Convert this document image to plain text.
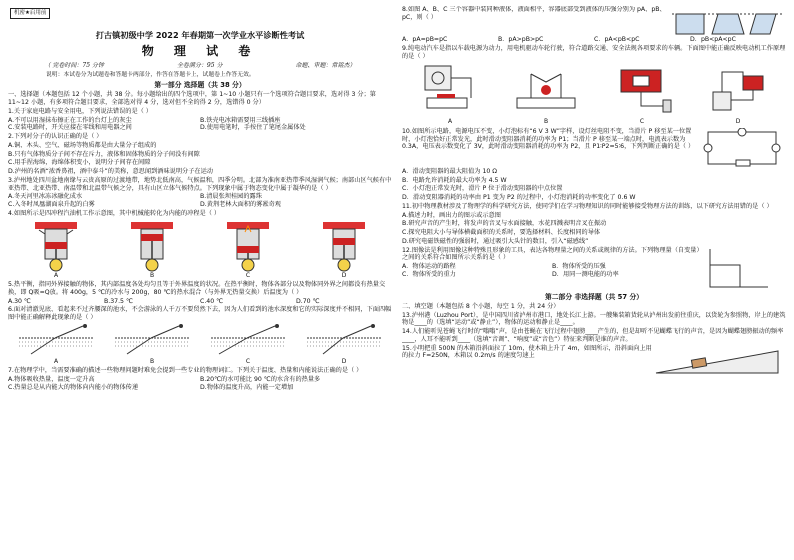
机密★启用前
打古镇初级中学 2022 年春期第一次学业水平诊断性考试
物 理 试 卷
（ 完卷时间：75 分钟	全卷满分：95 分	命题、审题：常铭杰）
说明：本试卷分为试题卷和答题卡两部分，作答在答题卡上，试题卷上作答无效。
第一部分 选择题（共 38 分）

一、选择题（本题包括 12 个小题，共 38 分。每小题给出的四个选项中，第 1~10 小题只有一个选项符合题目要求，选对得 3 分；第 11~12 小题，有多项符合题目要求，全部选对得 4 分，选对但不全的得 2 分，选错得 0 分）

1.关于家庭电路与安全用电，下列说法错误的是（ ）

A.不可以用湿抹布擦正在工作的台灯上的灰尘	B.铁壳电冰箱需要用三线插座
C.安装电路时，开关应接在零线和用电器之间	D.使用电笔时，手按住了笔尾金属体处

2.下列对分子的认识正确的是（ ）

A.铜、木头、空气、磁场等物质都是由大量分子组成的

B.只有气体物质分子间不存在斥力，液体和固体物质的分子间没有间隙

C.用手捏海绵，海绵体积变小，说明分子间存在间隙

D.泸州的名酒“浓香鼻祖，酒中泰斗”的美称，意思闻到酒味说明分子在运动

3.泸州地处四川盆地南缘与云贵高原的过渡地带，地势北低南高，气候温和，四季分明。北部为准南亚热带季风湿润气候；南部山区气候有中亚热带、北亚热带、南温带和北温带气候之分，具有山区立体气候特点。下列现象中属于物态变化中属于凝华的是（ ）

A.冬天河里冰冻冰融化成水	B.清晨张坝桂园的露珠
C.入冬时凤凰湖面泉升起的白雾	D.黄荆老林大面积的雾凇奇观

4.如图所示是四冲程汽油机工作示意图，其中机械能转化为内能的冲程是（ ）

A	B	C	D

5.热平衡，指同外界接触的物体，其内部温度各处均匀且等于外界温度的状况。在热平衡时，物体各部分以及物体同外界之间都没有热量交换，即 Q吸=Q放。将 400g，5 ℃的冷水与 200g，80 ℃的热水混合（与外界无热量交换）后温度为（ ）

A.30 ℃	B.37.5 ℃	C.40 ℃	D.70 ℃

6.面对清澈见底、看起来不过齐腰深的池水，不会游泳的人千万不要贸然下去，因为人们看到的池水深度和它的实际深度并不相同，下面四幅图中能正确解释此现象的是（ ）

A	B	C	D

7.在物理学中，当需要准确的描述一些物理问题时难免会提到一些专业的物理词汇。下列关于温度、热量和内能说法正确的是（ ）

A.物体吸收热量，温度一定升高	B.20℃的水可能比 90 ℃的水含有的热量多
C.热量总是从内能大的物体向内能小的物体传递	D.物体的温度升高，内能一定增加

8.如图 A、B、C 三个容器中装同种液体，液面相平，容器底部受到液体的压强分别为 pA、pB、pC，则（ ）

A．pA=pB=pC	B．pA>pB>pC	C．pA<pB<pC	D．pB<pA<pC

9.纯电动汽车是指以车载电源为动力，用电机驱动车轮行驶，符合道路交通、安全法规各项要求的车辆。下面图中能正确反映电动机工作原理的是（ ）

A	B	C	D

10.如图所示电路，电源电压不变，小灯泡标有“6 V 3 W”字样，设灯丝电阻不变，当滑片 P 移至某一位置时，小灯泡恰好正常发光，此时滑动变阻器消耗的功率为 P1；当滑片 P 移至某一端点时，电流表示数为 0.3A，电压表示数变化了 3V，此时滑动变阻器消耗的功率为 P2，且 P1∶P2=5∶6，下列判断正确的是（ ）

A．滑动变阻器的最大阻值为 10 Ω

B．电路允许消耗的最大功率为 4.5 W

C．小灯泡正常发光时，滑片 P 位于滑动变阻器的中点位置

D．滑动变阻器消耗的功率由 P1 变为 P2 的过程中，小灯泡消耗的功率变化了 0.6 W

11.初中物理教材涉及了物理学的科学研究方法，使同学们在学习物理知识的同时能够接受物理方法的训练，以下研究方法用错的是（ ）

A.描述力时，画出力的图示或示意图

B.研究声音的产生时，将发声的音叉与水面接触，水花四溅表明音叉在振动

C.探究电阻大小与导体横截面积的关系时，要选择材料、长度相同的导体

D.研究电磁铁磁性的强弱时，通过吸引大头针的数目，引入“磁感线”

12.图像法是利用图像这种特殊且形象的工具，表达各物理量之间的关系或规律的方法。下列物理量（自变量）之间的关系符合如图所示关系的是（ ）

A．物体运动的路程	B．物体所受的压强
C．物体所受的重力	D．用同一测电能的功率
第二部分 非选择题（共 57 分）

二、填空题（本题包括 8 个小题，每空 1 分，共 24 分）

13.泸州港（Luzhou Port），是中国四川省泸州市港口，地处长江上游。一艘集装箱货轮从泸州出发前往重庆，以货轮为参照物，岸上的建筑物是____的（选填“运动”或“静止”），物体的运动和静止是____。

14.人们能听见苍蝇飞行时的“嗡嗡”声，是由苍蝇在飞行过程中翅膀____产生的，但是却听不见蝴蝶飞行的声音，是因为蝴蝶翅膀振动的频率____，人耳不能听到____（选填“音调”、“响度”或“音色”）特征来判断是谁的声音。

15.小明把重 500N 的木箱沿斜面拉了 10m，使木箱上升了 4m，如图所示，沿斜面向上用的拉力 F=250N，木箱以 0.2m/s 的速度匀速上
